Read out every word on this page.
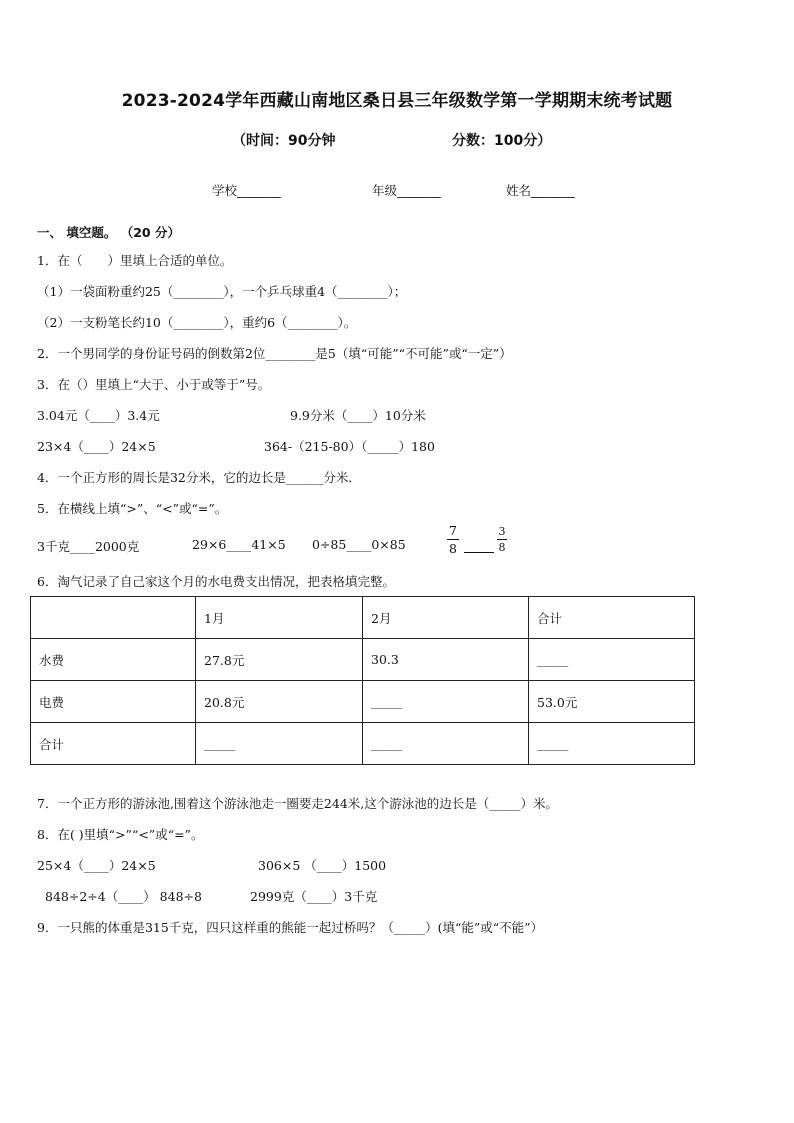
2023-2024学年西藏山南地区桑日县三年级数学第一学期期末统考试题
（时间：90分钟	分数：100分）
学校_______	年级_______	姓名_______
一、 填空题。 （20 分）
1．在（　　）里填上合适的单位。
（1）一袋面粉重约25（________），一个乒乓球重4（________）；
（2）一支粉笔长约10（________），重约6（________）。
2．一个男同学的身份证号码的倒数第2位________是5（填“可能”“不可能”或“一定”）
3．在（）里填上“大于、小于或等于”号。
3.04元（____）3.4元	9.9分米（____）10分米
23×4（____）24×5	364-（215-80）（_____）180
4．一个正方形的周长是32分米，它的边长是______分米．
5．在横线上填“>”、“<”或“=”。
3千克____2000克	29×6____41×5 0÷85____0×85
7
8
3
8
6．淘气记录了自己家这个月的水电费支出情况，把表格填完整。
	1月	2月	合计
水费	27.8元	30.3	_____
电费	20.8元	_____	53.0元
合计	_____	_____	_____
7．一个正方形的游泳池,围着这个游泳池走一圈要走244米,这个游泳池的边长是（_____）米。
8．在( )里填“>”“<”或“=”。
25×4（____）24×5	306×5 （____）1500
848÷2÷4（____） 848÷8	2999克（____）3千克
9．一只熊的体重是315千克，四只这样重的熊能一起过桥吗？（_____）(填“能”或“不能”）
